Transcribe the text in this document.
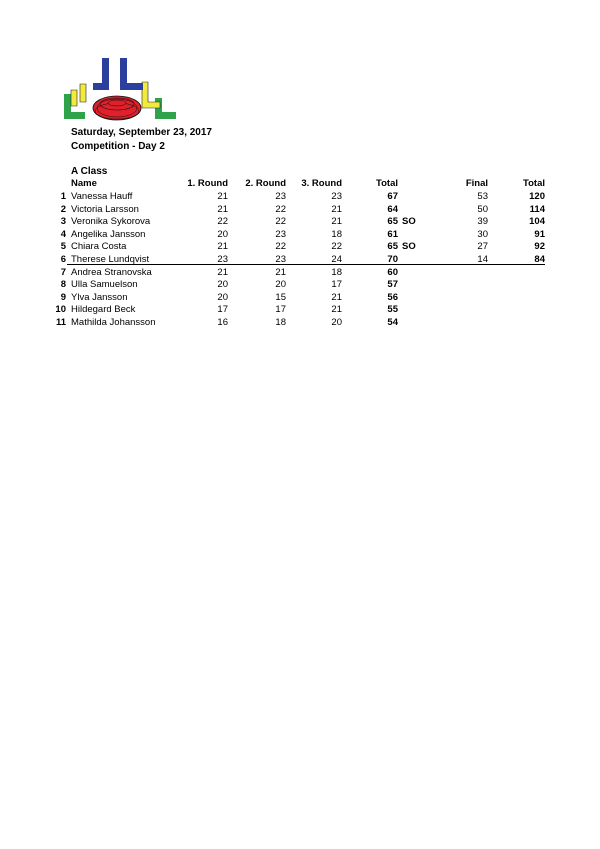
Saturday, September 23, 2017
Competition - Day 2
A Class
Name	1. Round 2. Round 3. Round	Total	Final	Total
1 Vanessa Hauff	21	23	23	67	53	120
2 Victoria Larsson	21	22	21	64	50	114
3 Veronika Sykorova	22	22	21	65 SO	39	104
4 Angelika Jansson	20	23	18	61	30	91
5 Chiara Costa	21	22	22	65 SO	27	92
6 Therese Lundqvist	23	23	24	70	14	84
7 Andrea Stranovska	21	21	18	60
8 Ulla Samuelson	20	20	17	57
9 Ylva Jansson	20	15	21	56
10 Hildegard Beck	17	17	21	55
11 Mathilda Johansson	16	18	20	54
